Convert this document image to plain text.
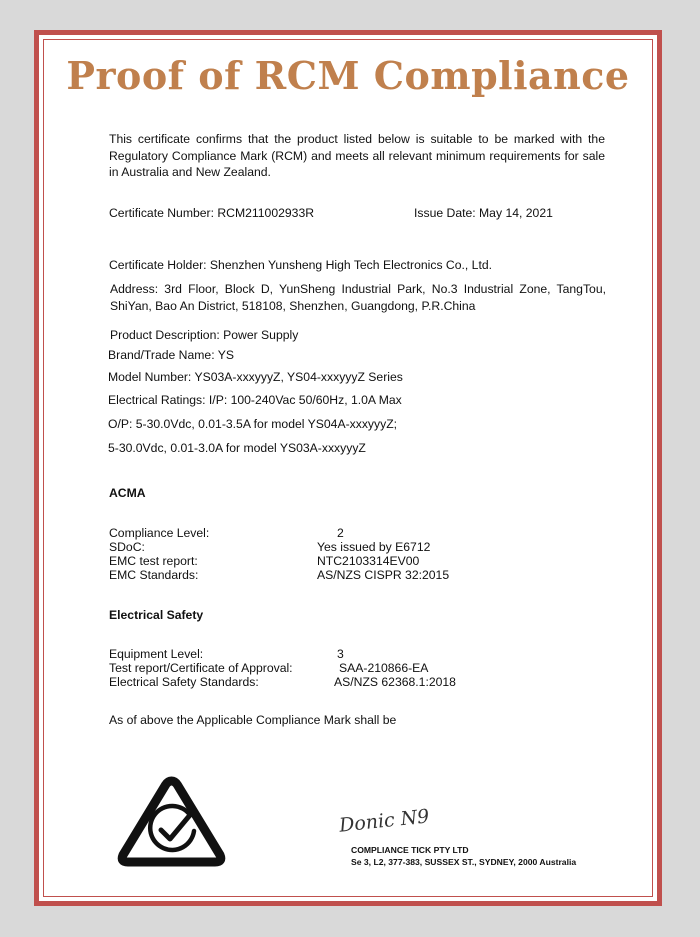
Proof of RCM Compliance
This certificate confirms that the product listed below is suitable to be marked with the Regulatory Compliance Mark (RCM) and meets all relevant minimum requirements for sale in Australia and New Zealand.
Certificate Number: RCM211002933R	Issue Date: May 14, 2021
Certificate Holder: Shenzhen Yunsheng High Tech Electronics Co., Ltd.
Address: 3rd Floor, Block D, YunSheng Industrial Park, No.3 Industrial Zone, TangTou, ShiYan, Bao An District, 518108, Shenzhen, Guangdong, P.R.China
Product Description: Power Supply
Brand/Trade Name: YS
Model Number: YS03A-xxxyyyZ, YS04-xxxyyyZ Series
Electrical Ratings: I/P: 100-240Vac 50/60Hz, 1.0A Max
O/P: 5-30.0Vdc, 0.01-3.5A for model YS04A-xxxyyyZ;
5-30.0Vdc, 0.01-3.0A for model YS03A-xxxyyyZ
ACMA
Compliance Level:	2
SDoC:	Yes issued by E6712
EMC test report:	NTC2103314EV00
EMC Standards:	AS/NZS CISPR 32:2015
Electrical Safety
Equipment Level:	3
Test report/Certificate of Approval:	SAA-210866-EA
Electrical Safety Standards:	AS/NZS 62368.1:2018
As of above the Applicable Compliance Mark shall be
Donic N9
COMPLIANCE TICK PTY LTD
Se 3, L2, 377-383, SUSSEX ST., SYDNEY, 2000 Australia
